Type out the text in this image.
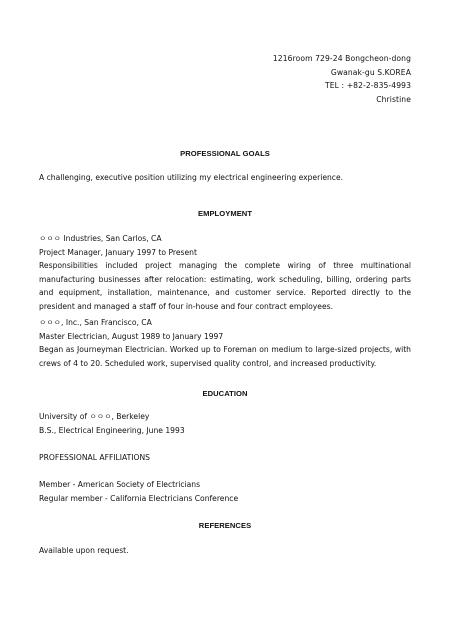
1216room 729-24 Bongcheon-dong
Gwanak-gu S.KOREA
TEL : +82-2-835-4993
Christine
PROFESSIONAL GOALS
A challenging, executive position utilizing my electrical engineering experience.
EMPLOYMENT
ㅇㅇㅇ Industries, San Carlos, CA
Project Manager, January 1997 to Present
Responsibilities included project managing the complete wiring of three multinational manufacturing businesses after relocation: estimating, work scheduling, billing, ordering parts and equipment, installation, maintenance, and customer service. Reported directly to the president and managed a staff of four in-house and four contract employees.
ㅇㅇㅇ, Inc., San Francisco, CA
Master Electrician, August 1989 to January 1997
Began as Journeyman Electrician. Worked up to Foreman on medium to large-sized projects, with crews of 4 to 20. Scheduled work, supervised quality control, and increased productivity.
EDUCATION
University of ㅇㅇㅇ, Berkeley
B.S., Electrical Engineering, June 1993
PROFESSIONAL AFFILIATIONS
Member - American Society of Electricians
Regular member - California Electricians Conference
REFERENCES
Available upon request.
